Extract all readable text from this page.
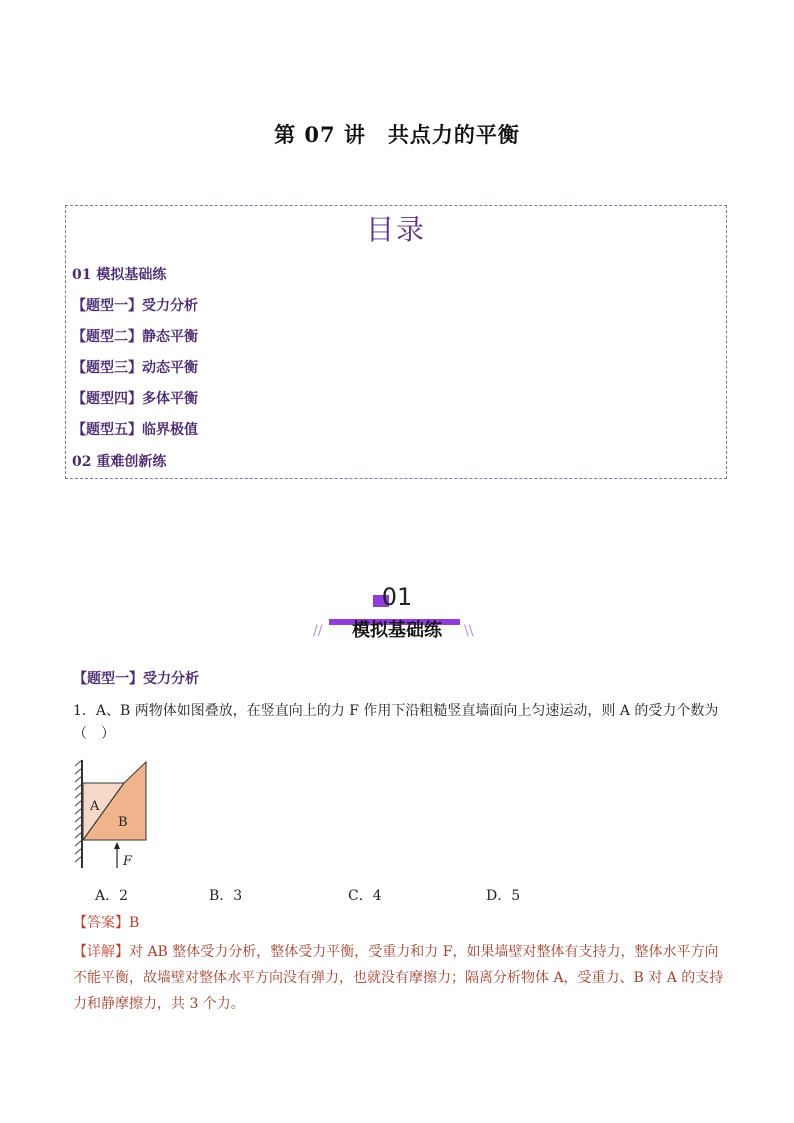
第 07 讲　共点力的平衡
目录
01 模拟基础练
【题型一】受力分析
【题型二】静态平衡
【题型三】动态平衡
【题型四】多体平衡
【题型五】临界极值
02 重难创新练
01
模拟基础练
//	\\
【题型一】受力分析
1．A、B 两物体如图叠放，在竖直向上的力 F 作用下沿粗糙竖直墙面向上匀速运动，则 A 的受力个数为
（　）
A
B
F
A．2	B．3	C．4	D．5
【答案】B
【详解】对 AB 整体受力分析，整体受力平衡，受重力和力 F，如果墙壁对整体有支持力，整体水平方向不能平衡，故墙壁对整体水平方向没有弹力，也就没有摩擦力；隔离分析物体 A，受重力、B 对 A 的支持力和静摩擦力，共 3 个力。
